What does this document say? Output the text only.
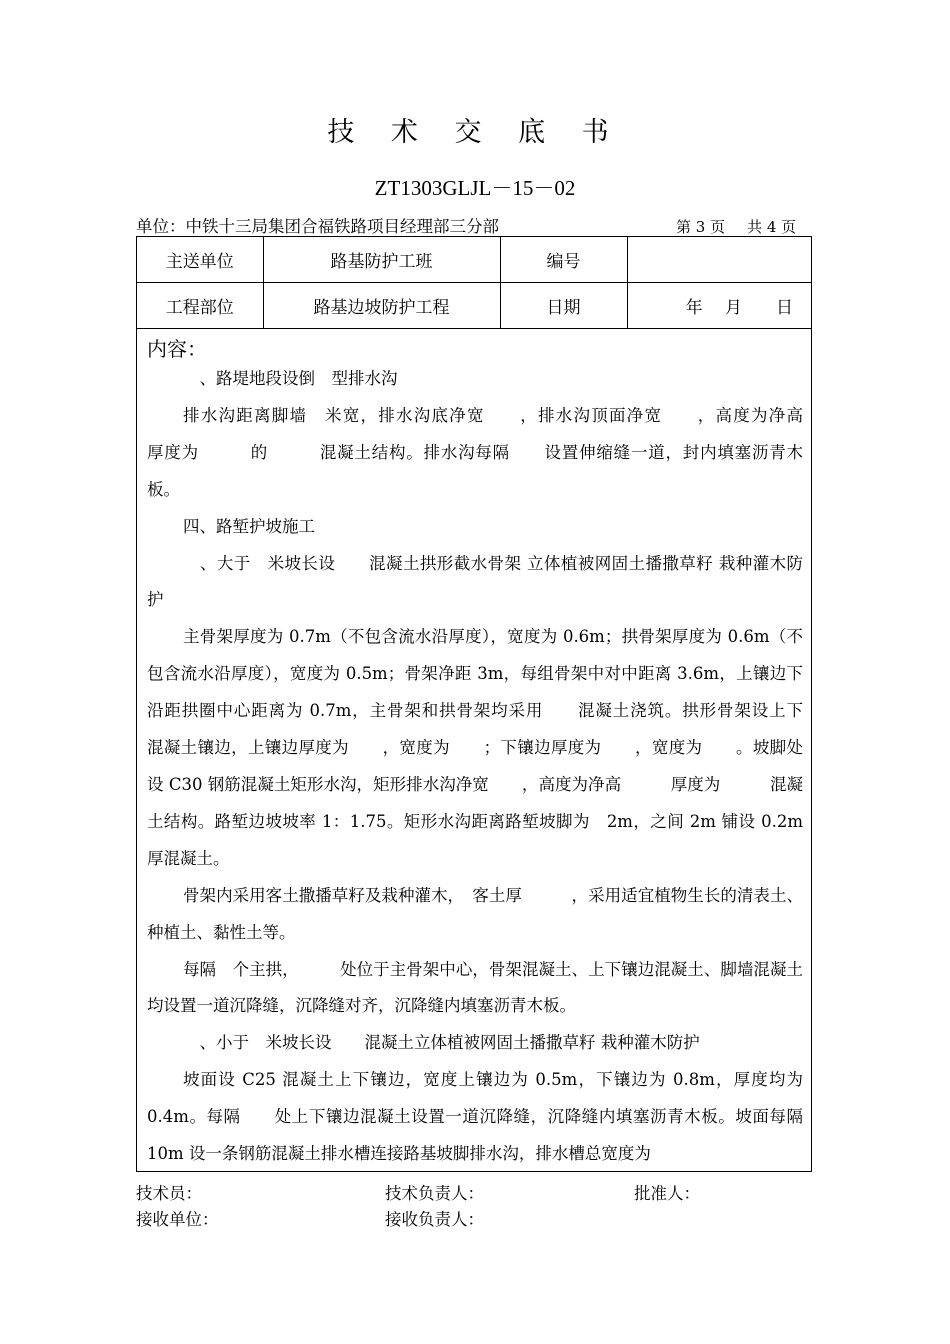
技 术 交 底 书
ZT1303GLJL－15－02
单位：中铁十三局集团合福铁路项目经理部三分部	第 3 页 共 4 页
主送单位	路基防护工班	编号	
工程部位	路基边坡防护工程	日期	年　 月　　日
内容：

　、路堤地段设倒　型排水沟

排水沟距离脚墙　米宽，排水沟底净宽　　，排水沟顶面净宽　　，高度为净高　　　厚度为　　　的　　　混凝土结构。排水沟每隔　　设置伸缩缝一道，封内填塞沥青木板。

四、路堑护坡施工

　、大于　米坡长设　　混凝土拱形截水骨架 立体植被网固土播撒草籽 栽种灌木防护

主骨架厚度为 0.7m（不包含流水沿厚度），宽度为 0.6m；拱骨架厚度为 0.6m（不包含流水沿厚度），宽度为 0.5m；骨架净距 3m，每组骨架中对中距离 3.6m，上镶边下沿距拱圈中心距离为 0.7m，主骨架和拱骨架均采用　　混凝土浇筑。拱形骨架设上下　　混凝土镶边，上镶边厚度为　　，宽度为　　；下镶边厚度为　　，宽度为　　。坡脚处设 C30 钢筋混凝土矩形水沟，矩形排水沟净宽　　，高度为净高　　　厚度为　　　混凝土结构。路堑边坡坡率 1：1.75。矩形水沟距离路堑坡脚为　2m，之间 2m 铺设 0.2m 厚混凝土。

骨架内采用客土撒播草籽及栽种灌木，　客土厚　　　，采用适宜植物生长的清表土、种植土、黏性土等。

每隔　个主拱，　　　处位于主骨架中心，骨架混凝土、上下镶边混凝土、脚墙混凝土均设置一道沉降缝，沉降缝对齐，沉降缝内填塞沥青木板。

　、小于　米坡长设　　混凝土立体植被网固土播撒草籽 栽种灌木防护

坡面设 C25 混凝土上下镶边，宽度上镶边为 0.5m，下镶边为 0.8m，厚度均为 0.4m。每隔　　处上下镶边混凝土设置一道沉降缝，沉降缝内填塞沥青木板。坡面每隔 10m 设一条钢筋混凝土排水槽连接路基坡脚排水沟，排水槽总宽度为

技术员：	技术负责人：	批准人：
接收单位：	接收负责人：
